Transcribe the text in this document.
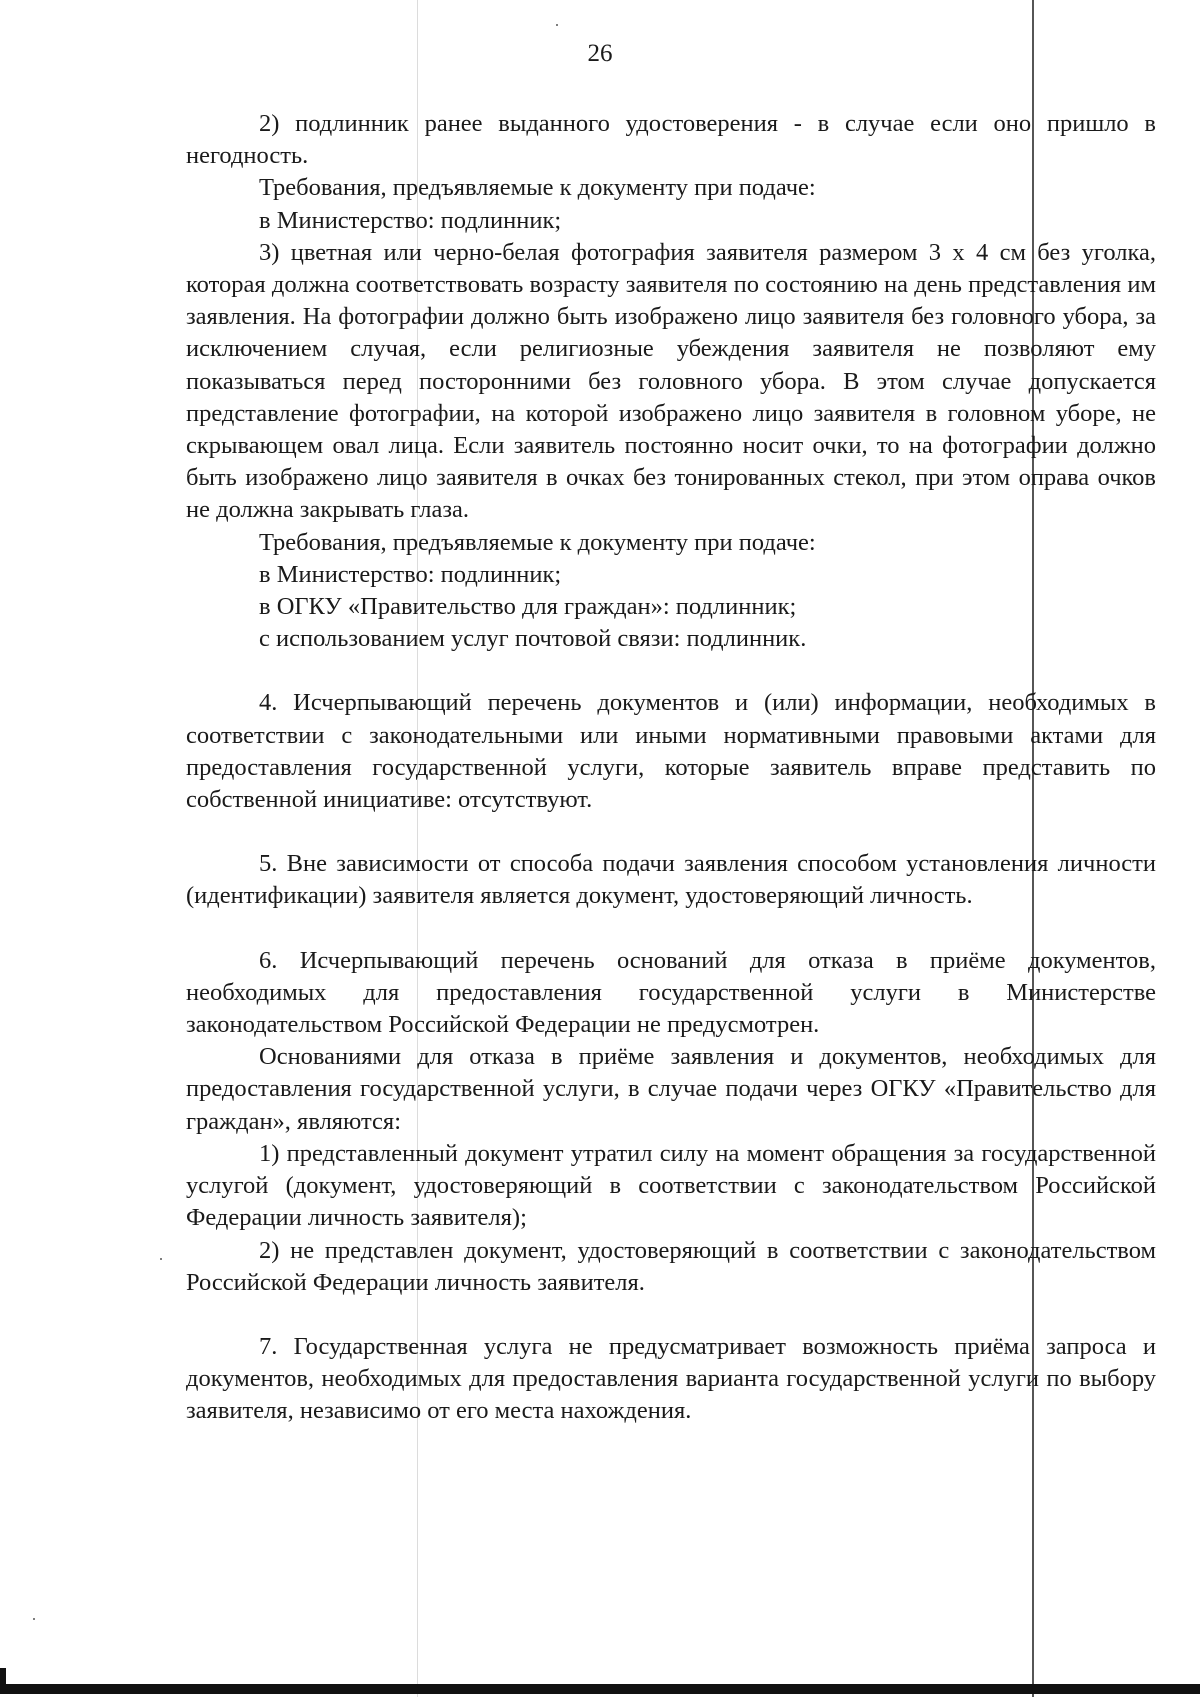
26

2) подлинник ранее выданного удостоверения - в случае если оно пришло в негодность.

Требования, предъявляемые к документу при подаче:

в Министерство: подлинник;

3) цветная или черно-белая фотография заявителя размером 3 х 4 см без уголка, которая должна соответствовать возрасту заявителя по состоянию на день представления им заявления. На фотографии должно быть изображено лицо заявителя без головного убора, за исключением случая, если религиозные убеждения заявителя не позволяют ему показываться перед посторонними без головного убора. В этом случае допускается представление фотографии, на которой изображено лицо заявителя в головном уборе, не скрывающем овал лица. Если заявитель постоянно носит очки, то на фотографии должно быть изображено лицо заявителя в очках без тонированных стекол, при этом оправа очков не должна закрывать глаза.

Требования, предъявляемые к документу при подаче:

в Министерство: подлинник;

в ОГКУ «Правительство для граждан»: подлинник;

с использованием услуг почтовой связи: подлинник.

4. Исчерпывающий перечень документов и (или) информации, необходимых в соответствии с законодательными или иными нормативными правовыми актами для предоставления государственной услуги, которые заявитель вправе представить по собственной инициативе: отсутствуют.

5. Вне зависимости от способа подачи заявления способом установления личности (идентификации) заявителя является документ, удостоверяющий личность.

6. Исчерпывающий перечень оснований для отказа в приёме документов, необходимых для предоставления государственной услуги в Министерстве законодательством Российской Федерации не предусмотрен.

Основаниями для отказа в приёме заявления и документов, необходимых для предоставления государственной услуги, в случае подачи через ОГКУ «Правительство для граждан», являются:

1) представленный документ утратил силу на момент обращения за государственной услугой (документ, удостоверяющий в соответствии с законодательством Российской Федерации личность заявителя);

2) не представлен документ, удостоверяющий в соответствии с законодательством Российской Федерации личность заявителя.

7. Государственная услуга не предусматривает возможность приёма запроса и документов, необходимых для предоставления варианта государственной услуги по выбору заявителя, независимо от его места нахождения.
